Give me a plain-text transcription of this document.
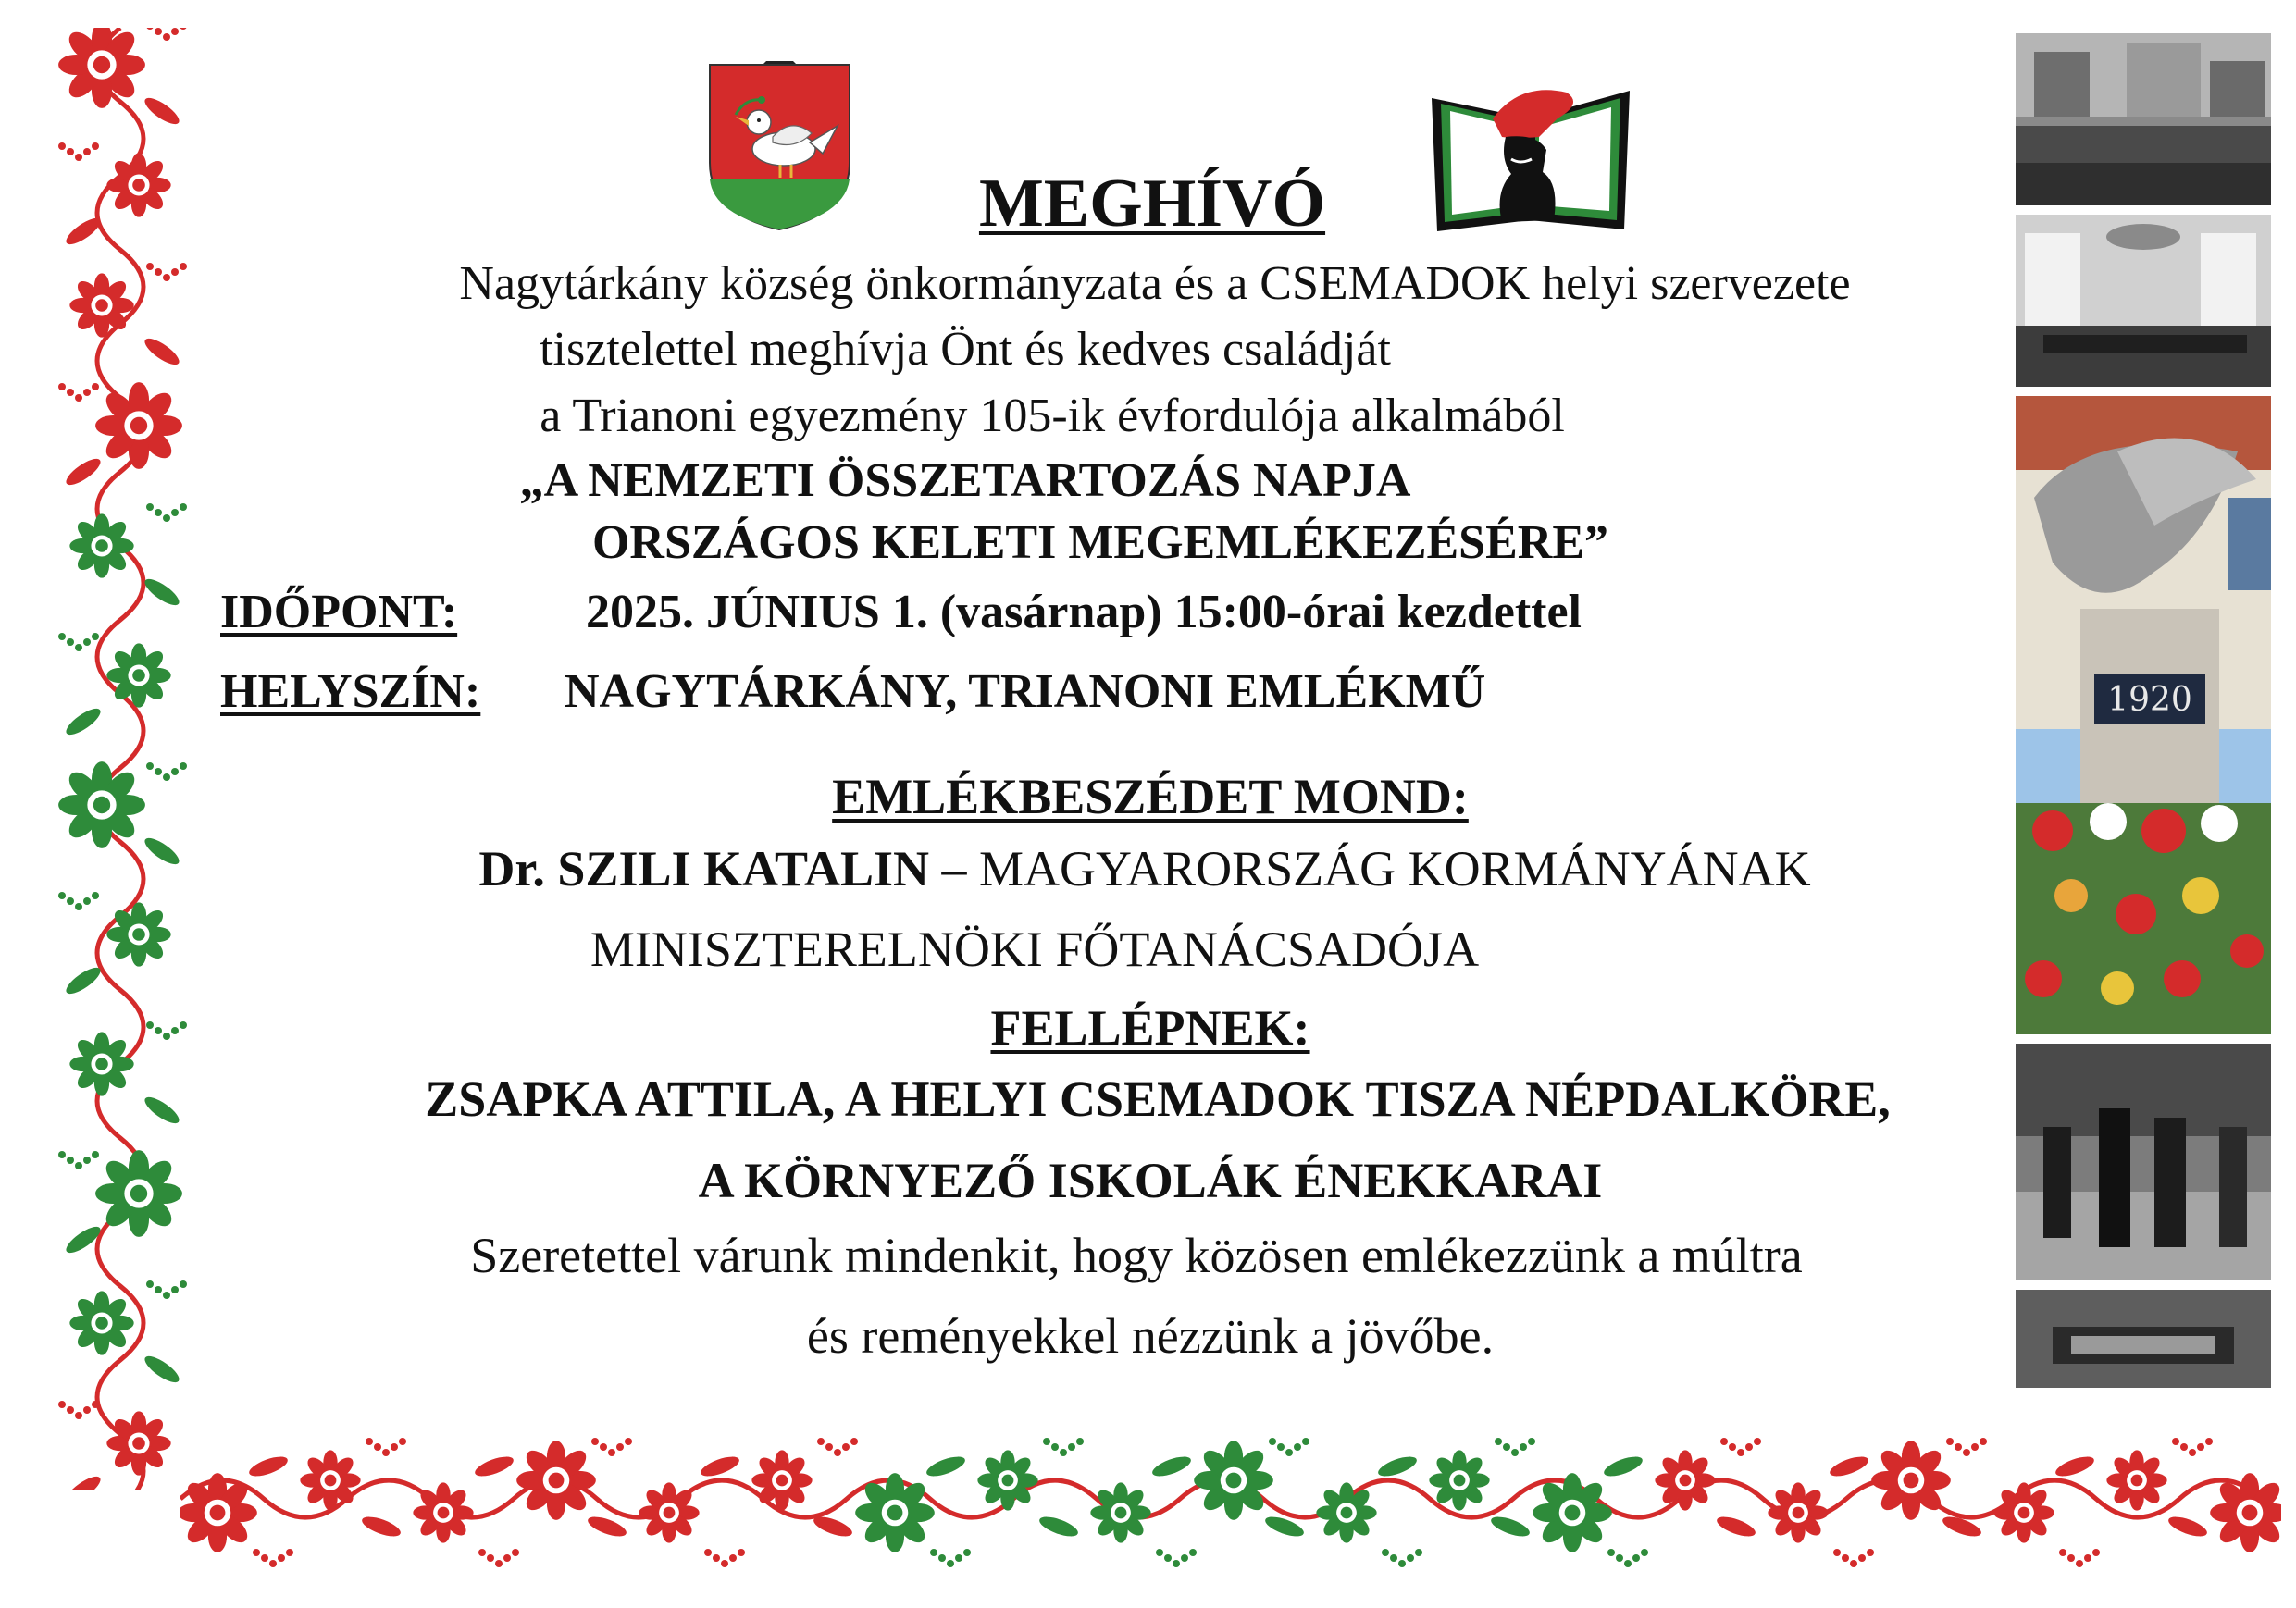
1920
MEGHÍVÓ
Nagytárkány község önkormányzata és a CSEMADOK helyi szervezete
tisztelettel meghívja Önt és kedves családját
a Trianoni egyezmény 105-ik évfordulója alkalmából
„A NEMZETI ÖSSZETARTOZÁS NAPJA
ORSZÁGOS KELETI MEGEMLÉKEZÉSÉRE”
IDŐPONT:	2025. JÚNIUS 1. (vasárnap) 15:00-órai kezdettel
HELYSZÍN: NAGYTÁRKÁNY, TRIANONI EMLÉKMŰ
EMLÉKBESZÉDET MOND:
Dr. SZILI KATALIN – MAGYARORSZÁG KORMÁNYÁNAK
MINISZTERELNÖKI FŐTANÁCSADÓJA
FELLÉPNEK:
ZSAPKA ATTILA, A HELYI CSEMADOK TISZA NÉPDALKÖRE,
A KÖRNYEZŐ ISKOLÁK ÉNEKKARAI
Szeretettel várunk mindenkit, hogy közösen emlékezzünk a múltra
és reményekkel nézzünk a jövőbe.
